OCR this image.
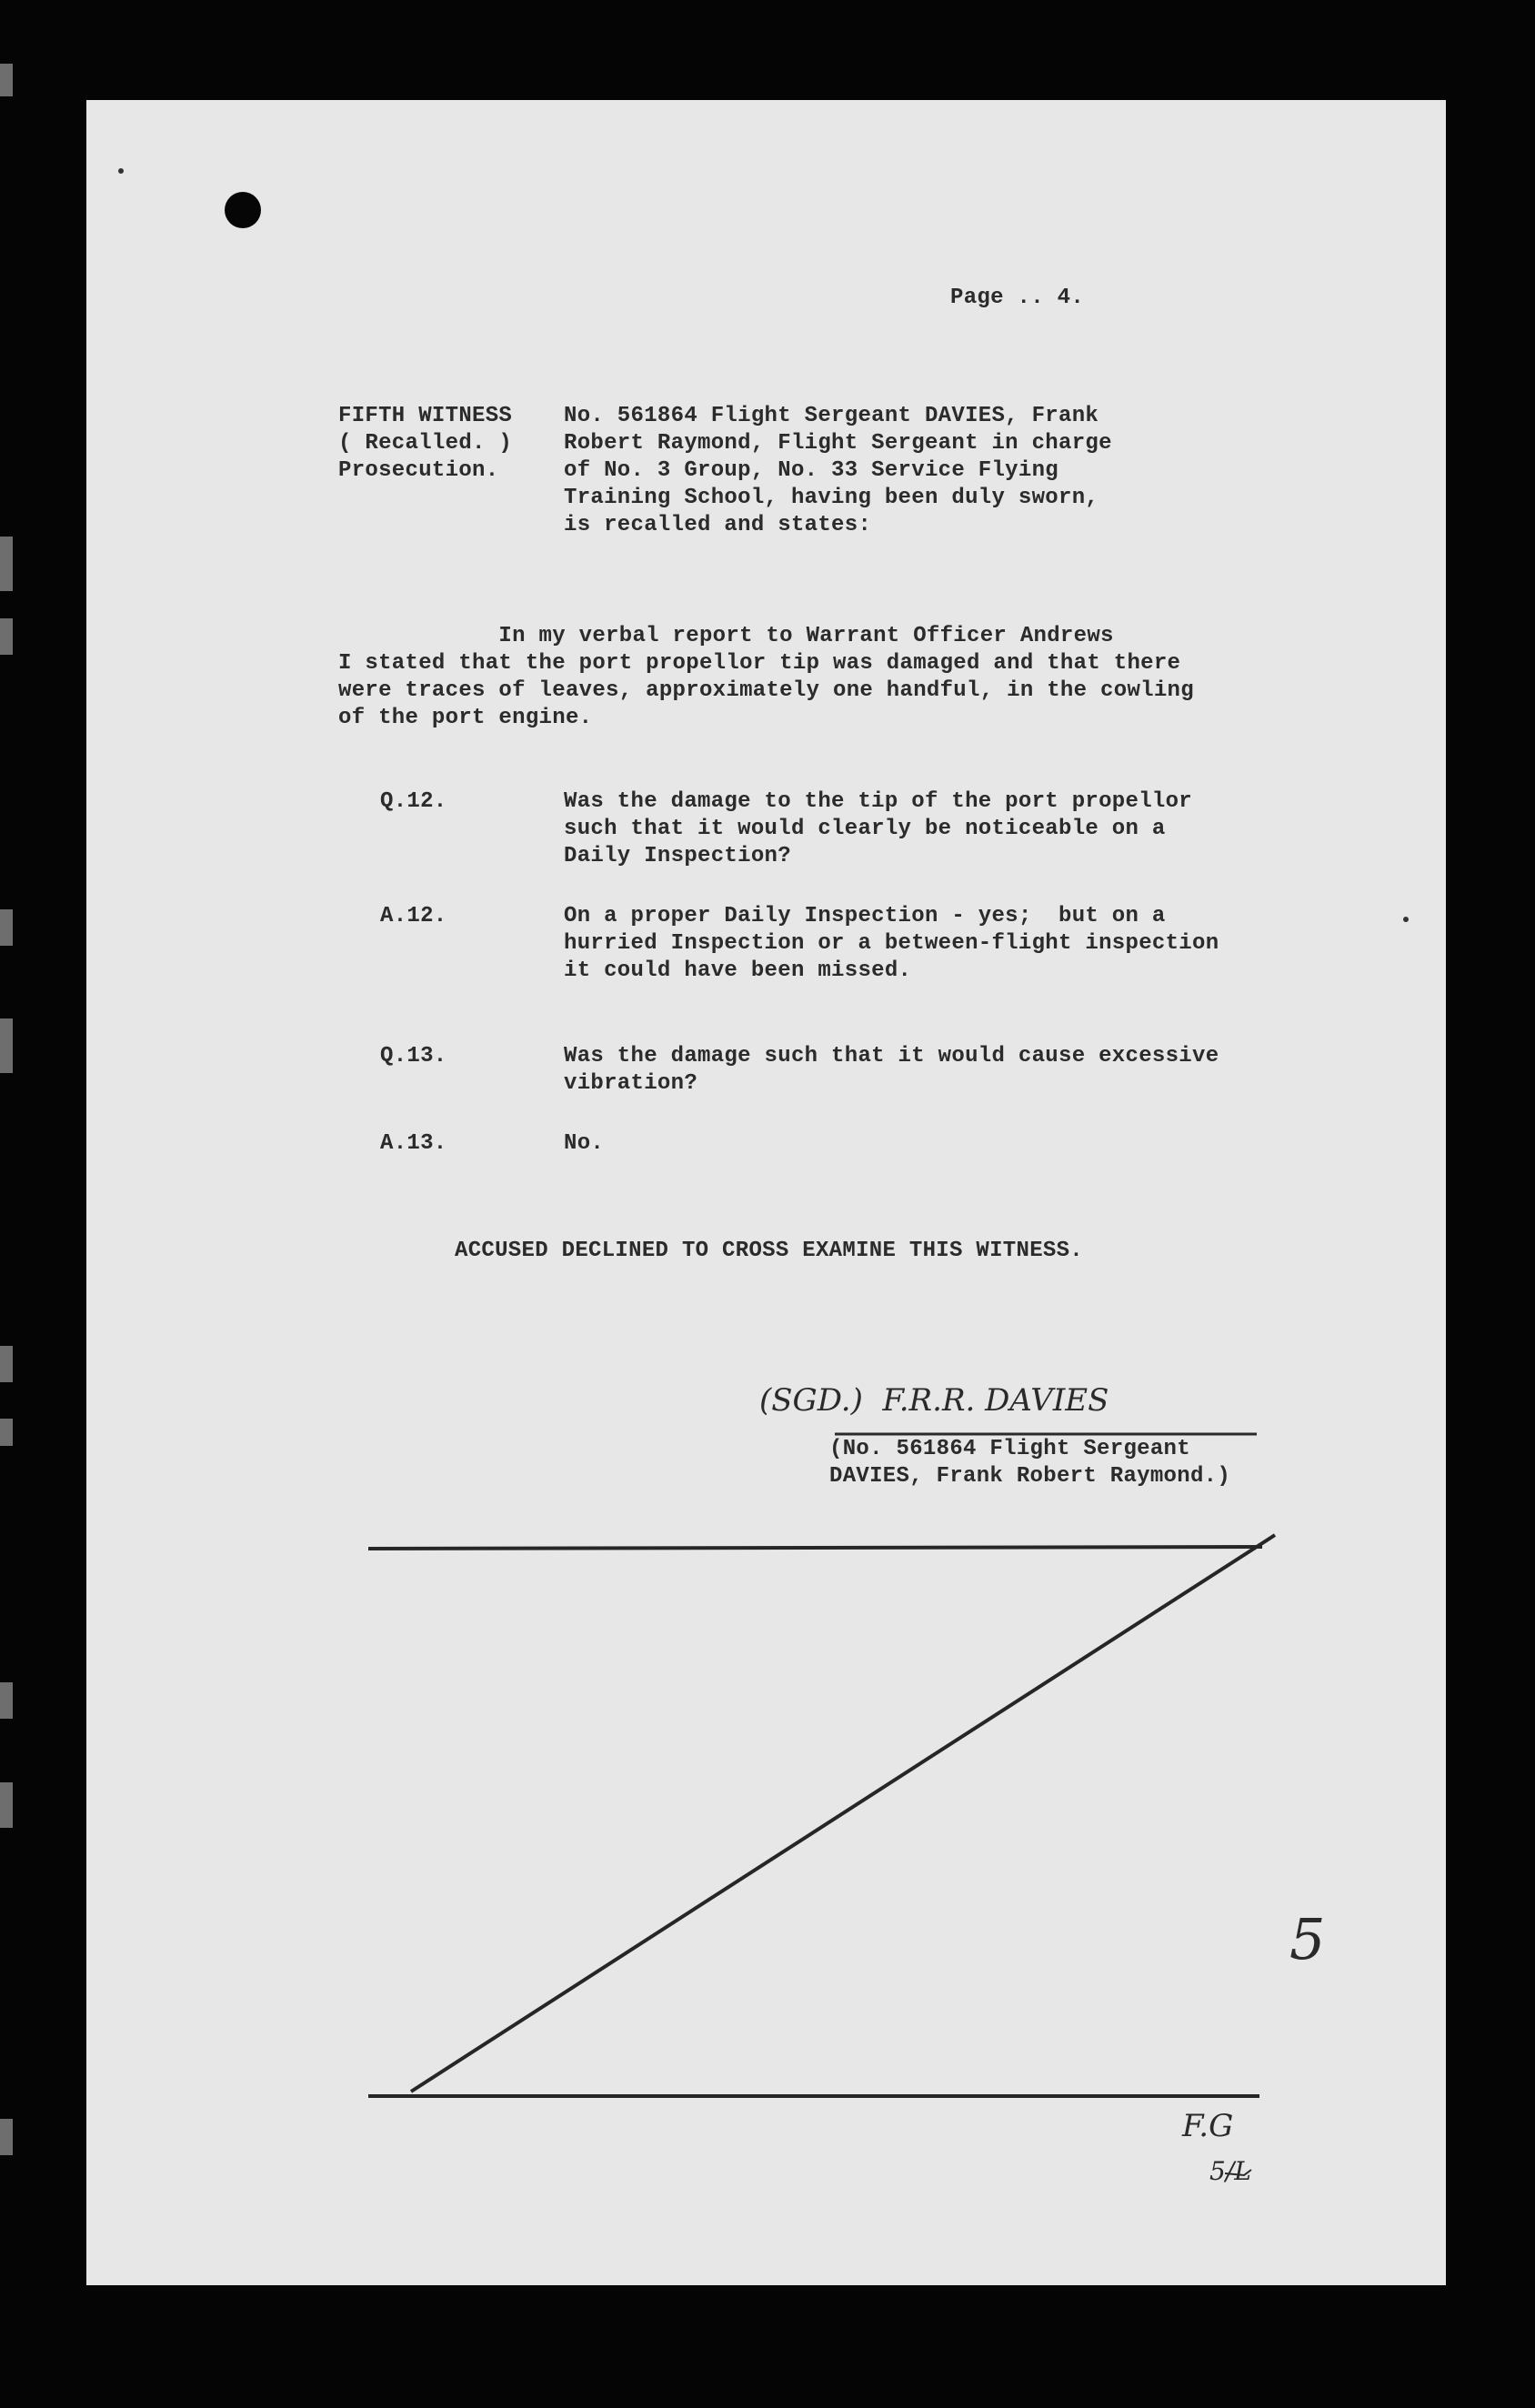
Page .. 4.
FIFTH WITNESS
( Recalled. )
Prosecution.
No. 561864 Flight Sergeant DAVIES, Frank
Robert Raymond, Flight Sergeant in charge
of No. 3 Group, No. 33 Service Flying
Training School, having been duly sworn,
is recalled and states:
In my verbal report to Warrant Officer Andrews
I stated that the port propellor tip was damaged and that there
were traces of leaves, approximately one handful, in the cowling
of the port engine.
Q.12.	Was the damage to the tip of the port propellor
such that it would clearly be noticeable on a
Daily Inspection?
A.12.	On a proper Daily Inspection - yes;  but on a
hurried Inspection or a between-flight inspection
it could have been missed.
Q.13.	Was the damage such that it would cause excessive
vibration?
A.13.	No.
ACCUSED DECLINED TO CROSS EXAMINE THIS WITNESS.
(SGD.)  F.R.R. DAVIES
(No. 561864 Flight Sergeant
DAVIES, Frank Robert Raymond.)
5
F.G
5/L
